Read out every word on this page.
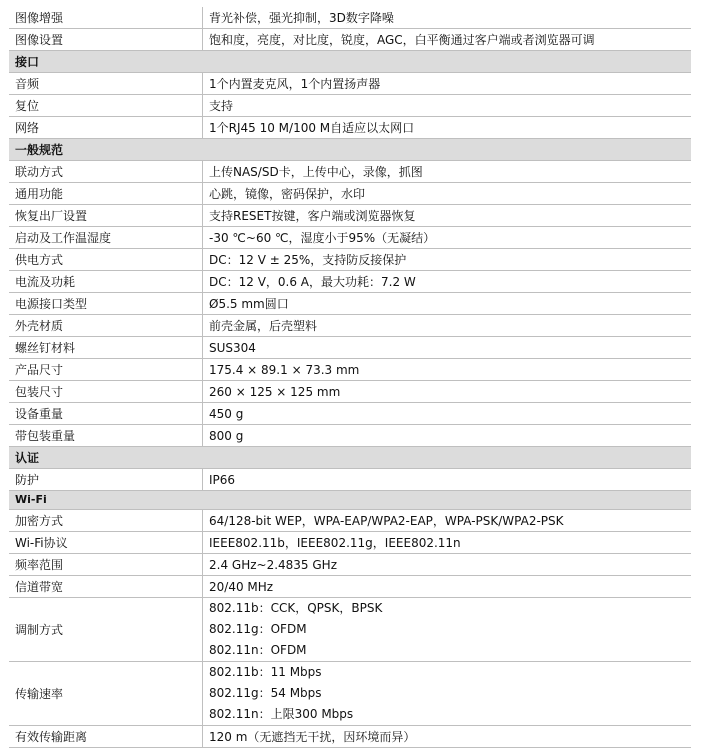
图像增强	背光补偿，强光抑制，3D数字降噪
图像设置	饱和度，亮度，对比度，锐度，AGC，白平衡通过客户端或者浏览器可调
接口	
音频	1个内置麦克风，1个内置扬声器
复位	支持
网络	1个RJ45 10 M/100 M自适应以太网口
一般规范	
联动方式	上传NAS/SD卡，上传中心，录像，抓图
通用功能	心跳，镜像，密码保护，水印
恢复出厂设置	支持RESET按键，客户端或浏览器恢复
启动及工作温湿度	-30 ℃~60 ℃，湿度小于95%（无凝结）
供电方式	DC：12 V ± 25%，支持防反接保护
电流及功耗	DC：12 V，0.6 A，最大功耗：7.2 W
电源接口类型	Ø5.5 mm圆口
外壳材质	前壳金属，后壳塑料
螺丝钉材料	SUS304
产品尺寸	175.4 × 89.1 × 73.3 mm
包装尺寸	260 × 125 × 125 mm
设备重量	450 g
带包装重量	800 g
认证	
防护	IP66
Wi-Fi	
加密方式	64/128-bit WEP，WPA-EAP/WPA2-EAP，WPA-PSK/WPA2-PSK
Wi-Fi协议	IEEE802.11b，IEEE802.11g，IEEE802.11n
频率范围	2.4 GHz~2.4835 GHz
信道带宽	20/40 MHz
调制方式	802.11b：CCK，QPSK，BPSK
802.11g：OFDM
802.11n：OFDM

传输速率	802.11b：11 Mbps
802.11g：54 Mbps
802.11n：上限300 Mbps

有效传输距离	120 m（无遮挡无干扰，因环境而异）
